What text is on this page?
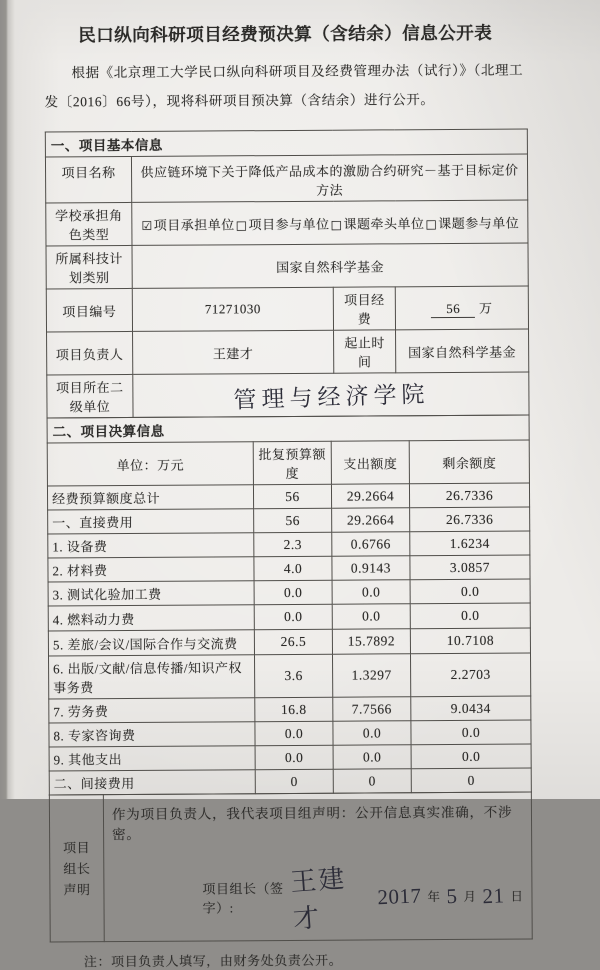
民口纵向科研项目经费预决算（含结余）信息公开表
根据《北京理工大学民口纵向科研项目及经费管理办法（试行）》（北理工发〔2016〕66号），现将科研项目预决算（含结余）进行公开。
一、项目基本信息			
项目名称	供应链环境下关于降低产品成本的激励合约研究－基于目标定价方法		
学校承担角色类型	☑项目承担单位 □项目参与单位 □课题牵头单位 □课题参与单位		

所属科技计划类别	国家自然科学基金		
项目编号	71271030	项目经费	56 万
项目负责人	王建才	起止时间	国家自然科学基金
项目所在二级单位	管理与经济学院		
二、项目决算信息			
单位：万元	批复预算额度	支出额度	剩余额度
经费预算额度总计	56	29.2664	26.7336
一、直接费用	56	29.2664	26.7336
1. 设备费	2.3	0.6766	1.6234
2. 材料费	4.0	0.9143	3.0857
3. 测试化验加工费	0.0	0.0	0.0
4. 燃料动力费	0.0	0.0	0.0
5. 差旅/会议/国际合作与交流费	26.5	15.7892	10.7108
6. 出版/文献/信息传播/知识产权事务费	3.6	1.3297	2.2703
7. 劳务费	16.8	7.7566	9.0434
8. 专家咨询费	0.0	0.0	0.0
9. 其他支出	0.0	0.0	0.0
二、间接费用	0	0	0
项目
组长
声明

作为项目负责人，我代表项目组声明：公开信息真实准确，不涉密。
项目组长（签字）:
王建才
2017 年 5 月 21 日
注：项目负责人填写，由财务处负责公开。
